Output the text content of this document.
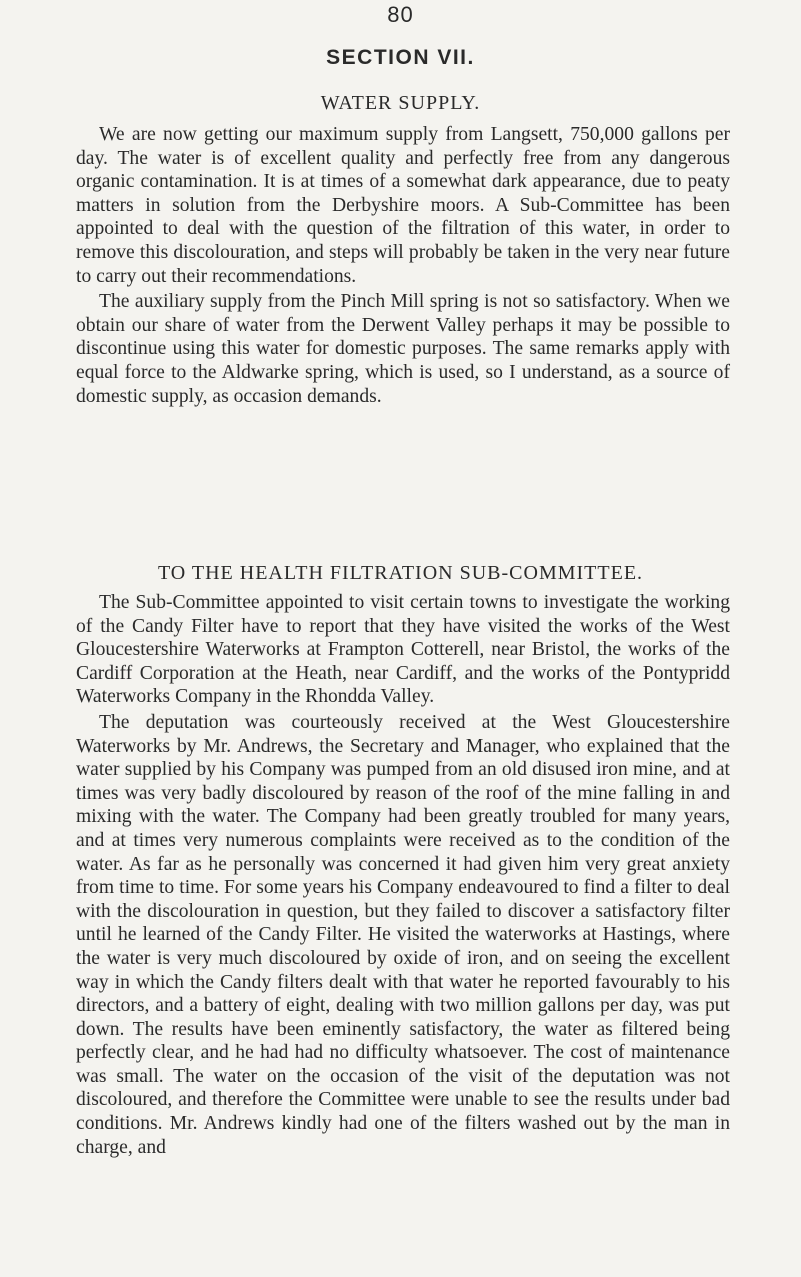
80
SECTION VII.
WATER SUPPLY.

We are now getting our maximum supply from Langsett, 750,000 gallons per day. The water is of excellent quality and perfectly free from any dangerous organic contamination. It is at times of a somewhat dark appearance, due to peaty matters in solution from the Derbyshire moors. A Sub-Committee has been appointed to deal with the question of the filtration of this water, in order to remove this discolouration, and steps will probably be taken in the very near future to carry out their recommendations.

The auxiliary supply from the Pinch Mill spring is not so satisfactory. When we obtain our share of water from the Derwent Valley perhaps it may be possible to discontinue using this water for domestic purposes. The same remarks apply with equal force to the Aldwarke spring, which is used, so I understand, as a source of domestic supply, as occasion demands.

TO THE HEALTH FILTRATION SUB-COMMITTEE.

The Sub-Committee appointed to visit certain towns to investigate the working of the Candy Filter have to report that they have visited the works of the West Gloucestershire Waterworks at Frampton Cotterell, near Bristol, the works of the Cardiff Corporation at the Heath, near Cardiff, and the works of the Pontypridd Waterworks Company in the Rhondda Valley.

The deputation was courteously received at the West Gloucestershire Waterworks by Mr. Andrews, the Secretary and Manager, who explained that the water supplied by his Company was pumped from an old disused iron mine, and at times was very badly discoloured by reason of the roof of the mine falling in and mixing with the water. The Company had been greatly troubled for many years, and at times very numerous complaints were received as to the condition of the water. As far as he personally was concerned it had given him very great anxiety from time to time. For some years his Company endeavoured to find a filter to deal with the discolouration in question, but they failed to discover a satisfactory filter until he learned of the Candy Filter. He visited the waterworks at Hastings, where the water is very much discoloured by oxide of iron, and on seeing the excellent way in which the Candy filters dealt with that water he reported favourably to his directors, and a battery of eight, dealing with two million gallons per day, was put down. The results have been eminently satisfactory, the water as filtered being perfectly clear, and he had had no difficulty whatsoever. The cost of maintenance was small. The water on the occasion of the visit of the deputation was not discoloured, and therefore the Committee were unable to see the results under bad conditions. Mr. Andrews kindly had one of the filters washed out by the man in charge, and
